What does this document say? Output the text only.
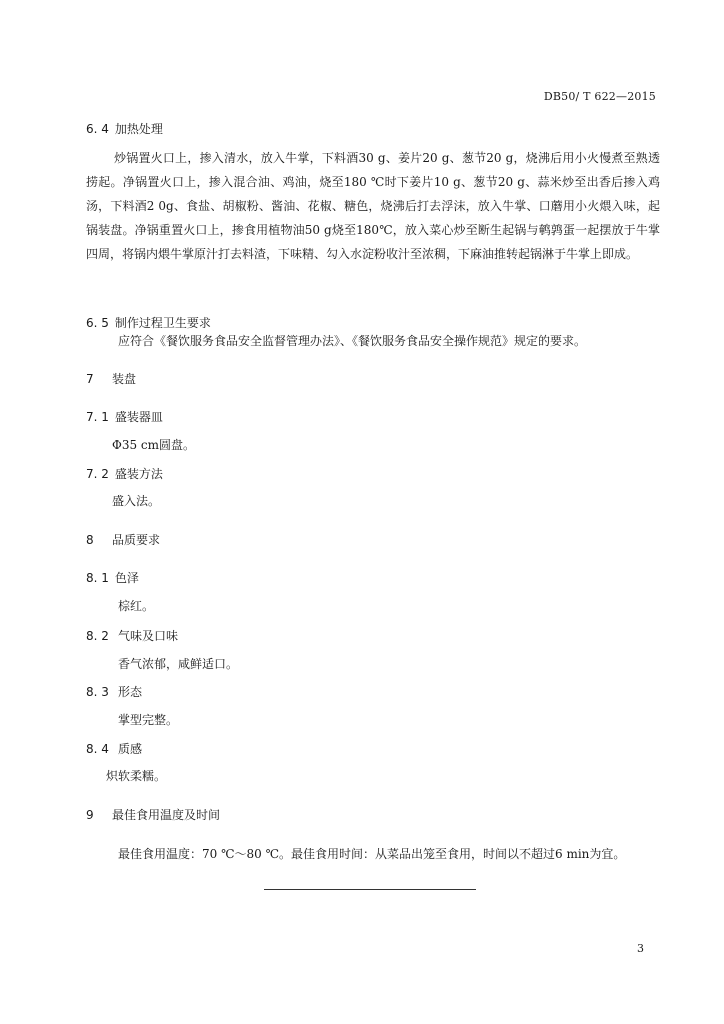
DB50/ T 622—2015
6. 4 加热处理
炒锅置火口上，掺入清水，放入牛掌，下料酒30 g、姜片20 g、葱节20 g，烧沸后用小火慢煮至熟透捞起。净锅置火口上，掺入混合油、鸡油，烧至180 ℃时下姜片10 g、葱节20 g、蒜米炒至出香后掺入鸡汤，下料酒2 0g、食盐、胡椒粉、酱油、花椒、糖色，烧沸后打去浮沫，放入牛掌、口蘑用小火煨入味，起锅装盘。净锅重置火口上，掺食用植物油50 g烧至180℃，放入菜心炒至断生起锅与鹌鹑蛋一起摆放于牛掌四周，将锅内煨牛掌原汁打去料渣，下味精、勾入水淀粉收汁至浓稠，下麻油推转起锅淋于牛掌上即成。
6. 5 制作过程卫生要求
应符合《餐饮服务食品安全监督管理办法》、《餐饮服务食品安全操作规范》规定的要求。
7 装盘
7. 1 盛装器皿
Φ35 cm圆盘。
7. 2 盛装方法
盛入法。
8 品质要求
8. 1 色泽
棕红。
8. 2 气味及口味
香气浓郁，咸鲜适口。
8. 3 形态
掌型完整。
8. 4 质感
炽软柔糯。
9 最佳食用温度及时间
最佳食用温度：70 ℃～80 ℃。最佳食用时间：从菜品出笼至食用，时间以不超过6 min为宜。
3
